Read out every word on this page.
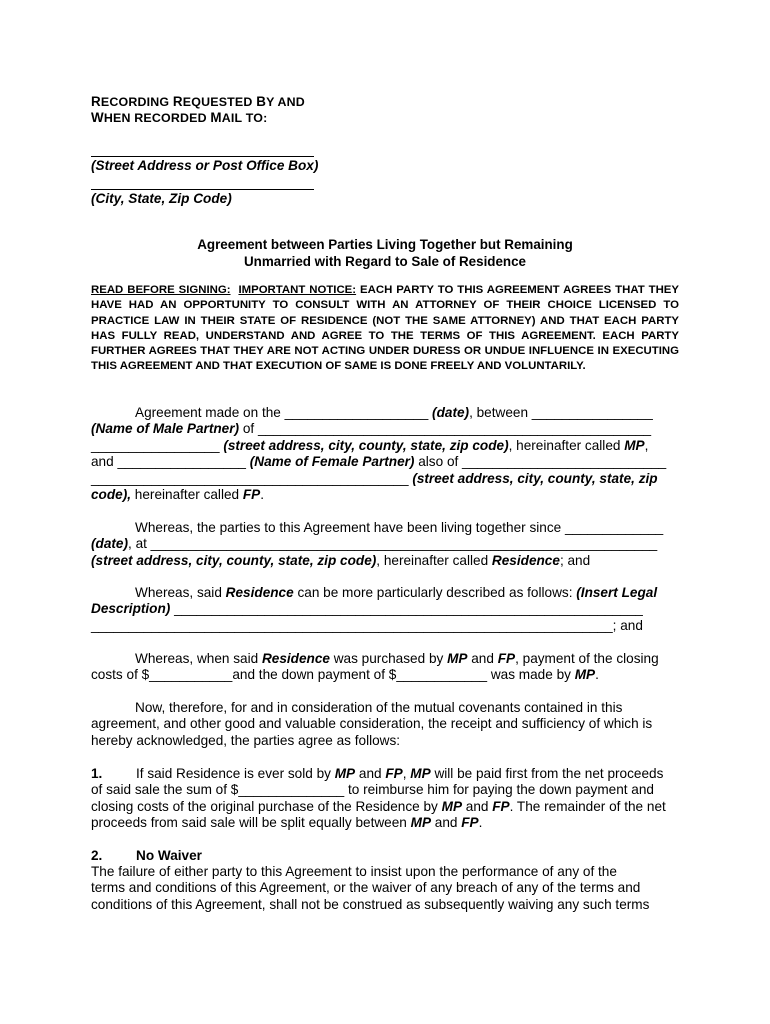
RECORDING REQUESTED BY AND
WHEN RECORDED MAIL TO:
(Street Address or Post Office Box)
(City, State, Zip Code)
Agreement between Parties Living Together but Remaining
Unmarried with Regard to Sale of Residence
READ BEFORE SIGNING: IMPORTANT NOTICE: EACH PARTY TO THIS AGREEMENT AGREES THAT THEY HAVE HAD AN OPPORTUNITY TO CONSULT WITH AN ATTORNEY OF THEIR CHOICE LICENSED TO PRACTICE LAW IN THEIR STATE OF RESIDENCE (NOT THE SAME ATTORNEY) AND THAT EACH PARTY HAS FULLY READ, UNDERSTAND AND AGREE TO THE TERMS OF THIS AGREEMENT. EACH PARTY FURTHER AGREES THAT THEY ARE NOT ACTING UNDER DURESS OR UNDUE INFLUENCE IN EXECUTING THIS AGREEMENT AND THAT EXECUTION OF SAME IS DONE FREELY AND VOLUNTARILY.
Agreement made on the ___________________ (date), between ________________
(Name of Male Partner) of ____________________________________________________
_________________ (street address, city, county, state, zip code), hereinafter called MP,
and _________________ (Name of Female Partner) also of ___________________________
__________________________________________ (street address, city, county, state, zip
code), hereinafter called FP.
Whereas, the parties to this Agreement have been living together since _____________
(date), at ___________________________________________________________________
(street address, city, county, state, zip code), hereinafter called Residence; and
Whereas, said Residence can be more particularly described as follows: (Insert Legal
Description) ______________________________________________________________
_____________________________________________________________________; and
Whereas, when said Residence was purchased by MP and FP, payment of the closing
costs of $___________and the down payment of $____________ was made by MP.
Now, therefore, for and in consideration of the mutual covenants contained in this
agreement, and other good and valuable consideration, the receipt and sufficiency of which is
hereby acknowledged, the parties agree as follows:
1. If said Residence is ever sold by MP and FP, MP will be paid first from the net proceeds
of said sale the sum of $______________ to reimburse him for paying the down payment and
closing costs of the original purchase of the Residence by MP and FP. The remainder of the net
proceeds from said sale will be split equally between MP and FP.
2. No Waiver
The failure of either party to this Agreement to insist upon the performance of any of the
terms and conditions of this Agreement, or the waiver of any breach of any of the terms and
conditions of this Agreement, shall not be construed as subsequently waiving any such terms
